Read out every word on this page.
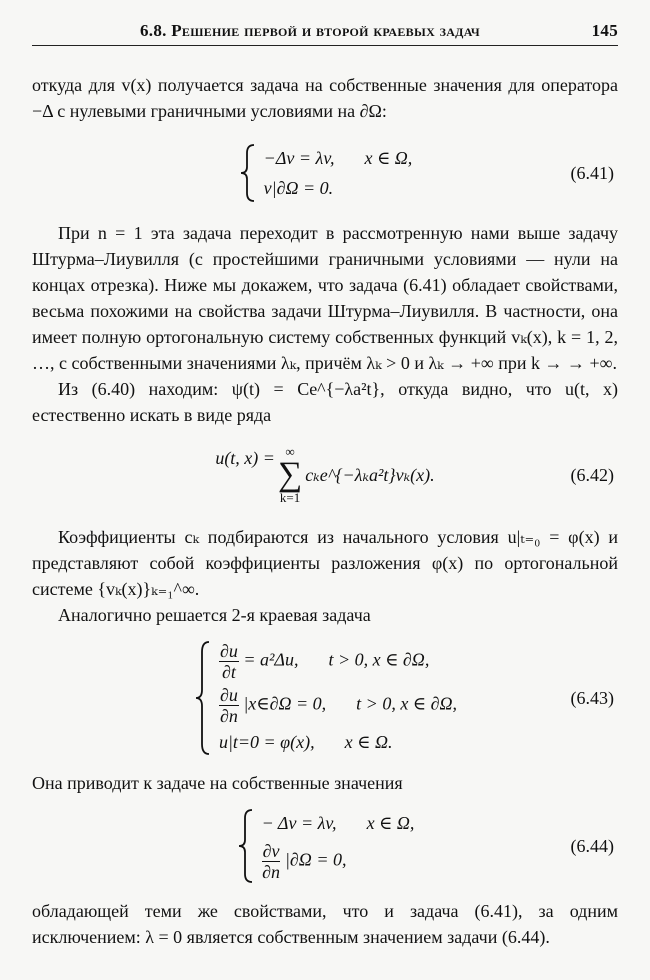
6.8. Решение первой и второй краевых задач	145

откуда для v(x) получается задача на собственные значения для оператора −Δ с нулевыми граничными условиями на ∂Ω:

−Δv = λv, x ∈ Ω,
v|∂Ω = 0.
(6.41)

При n = 1 эта задача переходит в рассмотренную нами выше задачу Штурма–Лиувилля (с простейшими граничными условиями — нули на концах отрезка). Ниже мы докажем, что задача (6.41) обладает свойствами, весьма похожими на свойства задачи Штурма–Лиувилля. В частности, она имеет полную ортогональную систему собственных функций vₖ(x), k = 1, 2, …, с собственными значениями λₖ, причём λₖ > 0 и λₖ → +∞ при k → → +∞.

Из (6.40) находим: ψ(t) = Ce^{−λa²t}, откуда видно, что u(t, x) естественно искать в виде ряда

u(t, x) = ∞
∑
k=1
cₖe^{−λₖa²t}vₖ(x).	(6.42)

Коэффициенты cₖ подбираются из начального условия u|ₜ₌₀ = φ(x) и представляют собой коэффициенты разложения φ(x) по ортогональной системе {vₖ(x)}ₖ₌₁^∞.

Аналогично решается 2-я краевая задача

$\frac{\partial u}{\partial t} = a^2\Delta u$, t > 0, x ∈ ∂Ω,
$\frac{\partial u}{\partial n}$ |x∈∂Ω = 0, t > 0, x ∈ ∂Ω,
u|t=0 = φ(x), x ∈ Ω.
(6.43)

Она приводит к задаче на собственные значения

− Δv = λv, x ∈ Ω,
$\frac{\partial v}{\partial n} |\partial\Omega = 0$,
(6.44)

обладающей теми же свойствами, что и задача (6.41), за одним исключением: λ = 0 является собственным значением задачи (6.44).
